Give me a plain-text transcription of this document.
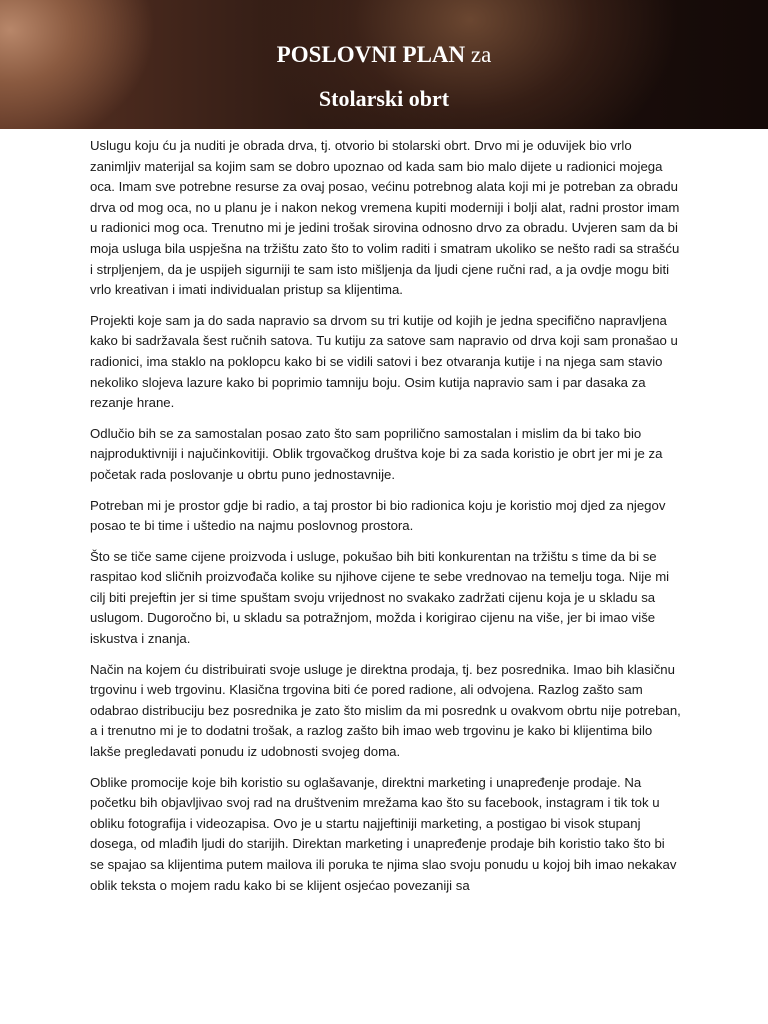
POSLOVNI PLAN za
Stolarski obrt

Uslugu koju ću ja nuditi je obrada drva, tj. otvorio bi stolarski obrt. Drvo mi je oduvijek bio vrlo zanimljiv materijal sa kojim sam se dobro upoznao od kada sam bio malo dijete u radionici mojega oca. Imam sve potrebne resurse za ovaj posao, većinu potrebnog alata koji mi je potreban za obradu drva od mog oca, no u planu je i nakon nekog vremena kupiti moderniji i bolji alat, radni prostor imam u radionici mog oca. Trenutno mi je jedini trošak sirovina odnosno drvo za obradu. Uvjeren sam da bi moja usluga bila uspješna na tržištu zato što to volim raditi i smatram ukoliko se nešto radi sa strašću i strpljenjem, da je uspijeh sigurniji te sam isto mišljenja da ljudi cjene ručni rad, a ja ovdje mogu biti vrlo kreativan i imati individualan pristup sa klijentima.

Projekti koje sam ja do sada napravio sa drvom su tri kutije od kojih je jedna specifično napravljena kako bi sadržavala šest ručnih satova. Tu kutiju za satove sam napravio od drva koji sam pronašao u radionici, ima staklo na poklopcu kako bi se vidili satovi i bez otvaranja kutije i na njega sam stavio nekoliko slojeva lazure kako bi poprimio tamniju boju. Osim kutija napravio sam i par dasaka za rezanje hrane.

Odlučio bih se za samostalan posao zato što sam poprilično samostalan i mislim da bi tako bio najproduktivniji i najučinkovitiji. Oblik trgovačkog društva koje bi za sada koristio je obrt jer mi je za početak rada poslovanje u obrtu puno jednostavnije.

Potreban mi je prostor gdje bi radio, a taj prostor bi bio radionica koju je koristio moj djed za njegov posao te bi time i uštedio na najmu poslovnog prostora.

Što se tiče same cijene proizvoda i usluge, pokušao bih biti konkurentan na tržištu s time da bi se raspitao kod sličnih proizvođača kolike su njihove cijene te sebe vrednovao na temelju toga. Nije mi cilj biti prejeftin jer si time spuštam svoju vrijednost no svakako zadržati cijenu koja je u skladu sa uslugom. Dugoročno bi, u skladu sa potražnjom, možda i korigirao cijenu na više, jer bi imao više iskustva i znanja.

Način na kojem ću distribuirati svoje usluge je direktna prodaja, tj. bez posrednika. Imao bih klasičnu trgovinu i web trgovinu. Klasična trgovina biti će pored radione, ali odvojena. Razlog zašto sam odabrao distribuciju bez posrednika je zato što mislim da mi posrednk u ovakvom obrtu nije potreban, a i trenutno mi je to dodatni trošak, a razlog zašto bih imao web trgovinu je kako bi klijentima bilo lakše pregledavati ponudu iz udobnosti svojeg doma.

Oblike promocije koje bih koristio su oglašavanje, direktni marketing i unapređenje prodaje. Na početku bih objavljivao svoj rad na društvenim mrežama kao što su facebook, instagram i tik tok u obliku fotografija i videozapisa. Ovo je u startu najjeftiniji marketing, a postigao bi visok stupanj dosega, od mlađih ljudi do starijih. Direktan marketing i unapređenje prodaje bih koristio tako što bi se spajao sa klijentima putem mailova ili poruka te njima slao svoju ponudu u kojoj bih imao nekakav oblik teksta o mojem radu kako bi se klijent osjećao povezaniji sa
